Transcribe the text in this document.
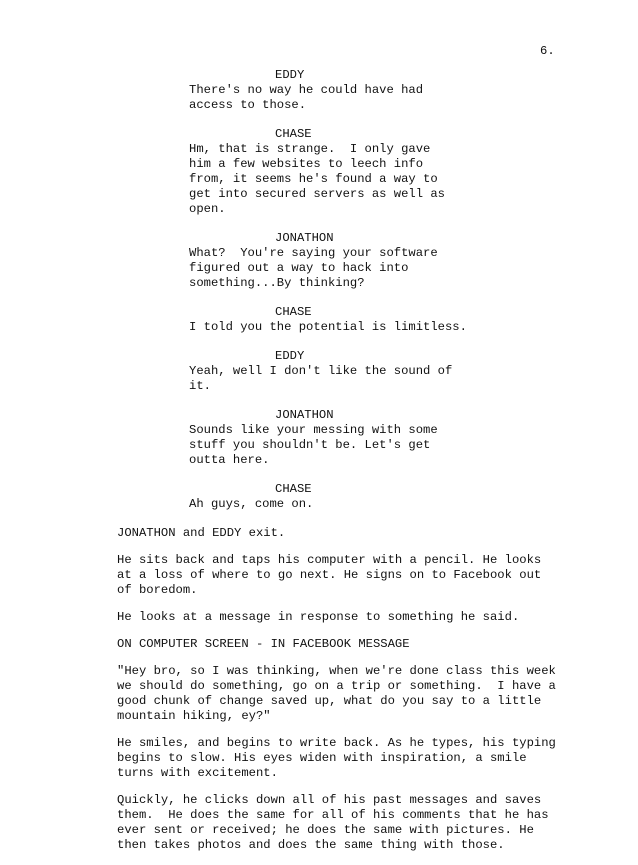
6.
EDDY
There's no way he could have had
access to those.
CHASE
Hm, that is strange.  I only gave
him a few websites to leech info
from, it seems he's found a way to
get into secured servers as well as
open.
JONATHON
What?  You're saying your software
figured out a way to hack into
something...By thinking?
CHASE
I told you the potential is limitless.
EDDY
Yeah, well I don't like the sound of
it.
JONATHON
Sounds like your messing with some
stuff you shouldn't be. Let's get
outta here.
CHASE
Ah guys, come on.
JONATHON and EDDY exit.
He sits back and taps his computer with a pencil. He looks
at a loss of where to go next. He signs on to Facebook out
of boredom.
He looks at a message in response to something he said.
ON COMPUTER SCREEN - IN FACEBOOK MESSAGE
"Hey bro, so I was thinking, when we're done class this week
we should do something, go on a trip or something.  I have a
good chunk of change saved up, what do you say to a little
mountain hiking, ey?"
He smiles, and begins to write back. As he types, his typing
begins to slow. His eyes widen with inspiration, a smile
turns with excitement.
Quickly, he clicks down all of his past messages and saves
them.  He does the same for all of his comments that he has
ever sent or received; he does the same with pictures. He
then takes photos and does the same thing with those.
